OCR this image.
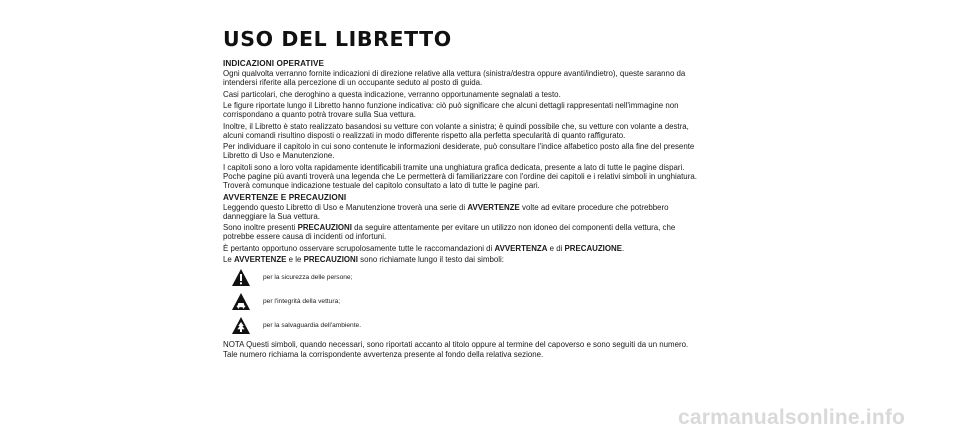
USO DEL LIBRETTO
INDICAZIONI OPERATIVE

Ogni qualvolta verranno fornite indicazioni di direzione relative alla vettura (sinistra/destra oppure avanti/indietro), queste saranno da intendersi riferite alla percezione di un occupante seduto al posto di guida.

Casi particolari, che deroghino a questa indicazione, verranno opportunamente segnalati a testo.

Le figure riportate lungo il Libretto hanno funzione indicativa: ciò può significare che alcuni dettagli rappresentati nell'immagine non corrispondano a quanto potrà trovare sulla Sua vettura.

Inoltre, il Libretto è stato realizzato basandosi su vetture con volante a sinistra; è quindi possibile che, su vetture con volante a destra, alcuni comandi risultino disposti o realizzati in modo differente rispetto alla perfetta specularità di quanto raffigurato.

Per individuare il capitolo in cui sono contenute le informazioni desiderate, può consultare l'indice alfabetico posto alla fine del presente Libretto di Uso e Manutenzione.

I capitoli sono a loro volta rapidamente identificabili tramite una unghiatura grafica dedicata, presente a lato di tutte le pagine dispari. Poche pagine più avanti troverà una legenda che Le permetterà di familiarizzare con l'ordine dei capitoli e i relativi simboli in unghiatura. Troverà comunque indicazione testuale del capitolo consultato a lato di tutte le pagine pari.

AVVERTENZE E PRECAUZIONI

Leggendo questo Libretto di Uso e Manutenzione troverà una serie di AVVERTENZE volte ad evitare procedure che potrebbero danneggiare la Sua vettura.

Sono inoltre presenti PRECAUZIONI da seguire attentamente per evitare un utilizzo non idoneo dei componenti della vettura, che potrebbe essere causa di incidenti od infortuni.

È pertanto opportuno osservare scrupolosamente tutte le raccomandazioni di AVVERTENZA e di PRECAUZIONE.

Le AVVERTENZE e le PRECAUZIONI sono richiamate lungo il testo dai simboli:

per la sicurezza delle persone;
per l'integrità della vettura;
per la salvaguardia dell'ambiente.

NOTA Questi simboli, quando necessari, sono riportati accanto al titolo oppure al termine del capoverso e sono seguiti da un numero. Tale numero richiama la corrispondente avvertenza presente al fondo della relativa sezione.

carmanualsonline.info
